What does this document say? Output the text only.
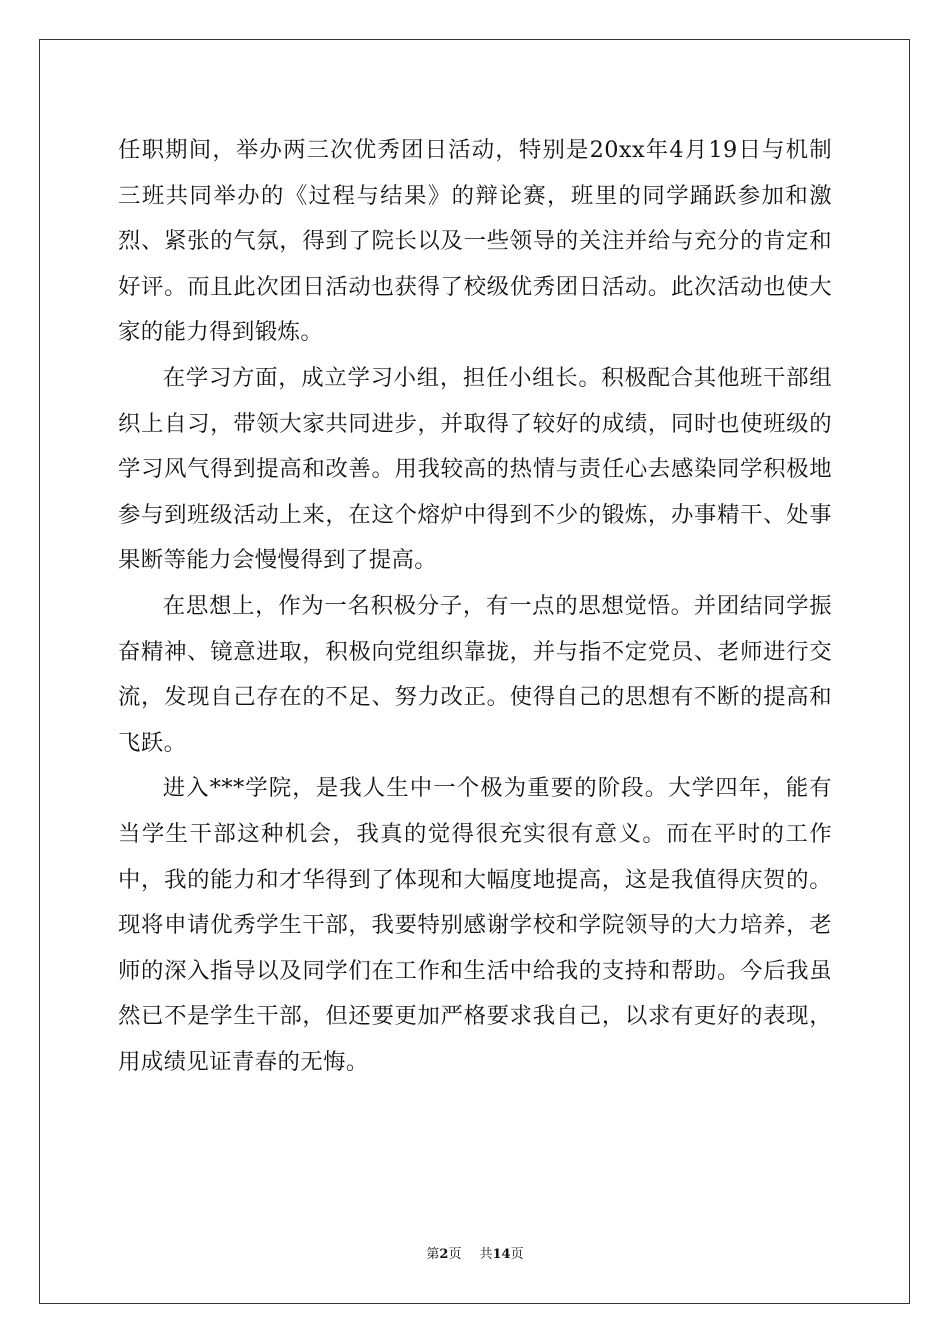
任职期间，举办两三次优秀团日活动，特别是20xx年4月19日与机制三班共同举办的《过程与结果》的辩论赛，班里的同学踊跃参加和激烈、紧张的气氛，得到了院长以及一些领导的关注并给与充分的肯定和好评。而且此次团日活动也获得了校级优秀团日活动。此次活动也使大家的能力得到锻炼。

在学习方面，成立学习小组，担任小组长。积极配合其他班干部组织上自习，带领大家共同进步，并取得了较好的成绩，同时也使班级的学习风气得到提高和改善。用我较高的热情与责任心去感染同学积极地参与到班级活动上来，在这个熔炉中得到不少的锻炼，办事精干、处事果断等能力会慢慢得到了提高。

在思想上，作为一名积极分子，有一点的思想觉悟。并团结同学振奋精神、镜意进取，积极向党组织靠拢，并与指不定党员、老师进行交流，发现自己存在的不足、努力改正。使得自己的思想有不断的提高和飞跃。

进入***学院，是我人生中一个极为重要的阶段。大学四年，能有当学生干部这种机会，我真的觉得很充实很有意义。而在平时的工作中，我的能力和才华得到了体现和大幅度地提高，这是我值得庆贺的。现将申请优秀学生干部，我要特别感谢学校和学院领导的大力培养，老师的深入指导以及同学们在工作和生活中给我的支持和帮助。今后我虽然已不是学生干部，但还要更加严格要求我自己，以求有更好的表现，用成绩见证青春的无悔。

第2页 共14页
